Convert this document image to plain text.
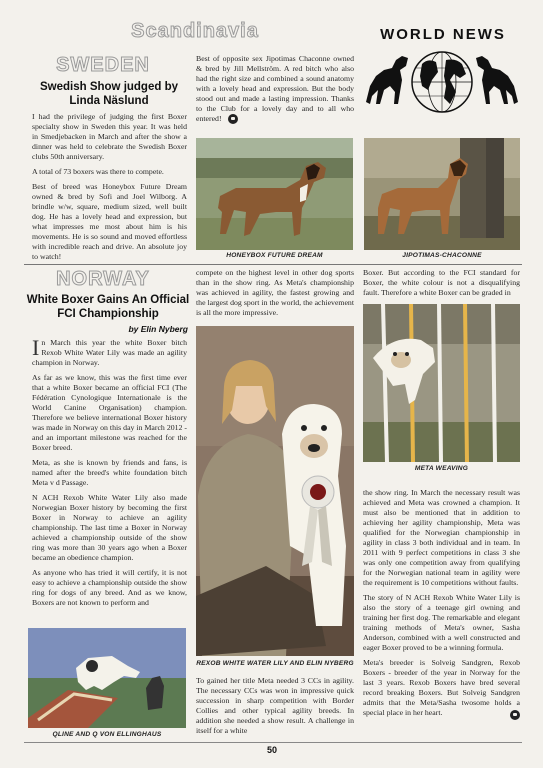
Scandinavia	WORLD NEWS
SWEDEN
Swedish Show judged by Linda Näslund

I had the privilege of judging the first Boxer specialty show in Sweden this year. It was held in Smedjebacken in March and after the show a dinner was held to celebrate the Swedish Boxer clubs 50th anniversary.

A total of 73 boxers was there to compete.

Best of breed was Honeybox Future Dream owned & bred by Sofi and Joel Wilborg. A brindle w/w, square, medium sized, well built dog. He has a lovely head and expression, but what impresses me most about him is his movements. He is so sound and moved effortless with incredible reach and drive. An absolute joy to watch!

Best of opposite sex Jipotimas Chaconne owned & bred by Jill Mellström. A red bitch who also had the right size and combined a sound anatomy with a lovely head and expression. But the body stood out and made a lasting impression. Thanks to the Club for a lovely day and to all who entered!
HONEYBOX FUTURE DREAM	JIPOTIMAS-CHACONNE
NORWAY
White Boxer Gains An Official FCI Championship
by Elin Nyberg

In March this year the white Boxer bitch Rexob White Water Lily was made an agility champion in Norway.

As far as we know, this was the first time ever that a white Boxer became an official FCI (The Fédération Cynologique Internationale is the World Canine Organisation) champion. Therefore we believe international Boxer history was made in Norway on this day in March 2012 - and an important milestone was reached for the Boxer breed.

Meta, as she is known by friends and fans, is named after the breed's white foundation bitch Meta v d Passage.

N ACH Rexob White Water Lily also made Norwegian Boxer history by becoming the first Boxer in Norway to achieve an agility championship. The last time a Boxer in Norway achieved a championship outside of the show ring was more than 30 years ago when a Boxer became an obedience champion.

As anyone who has tried it will certify, it is not easy to achieve a championship outside the show ring for dogs of any breed. And as we know, Boxers are not known to perform and

QLINE AND Q VON ELLINGHAUS
compete on the highest level in other dog sports than in the show ring. As Meta's championship was achieved in agility, the fastest growing and the largest dog sport in the world, the achievement is all the more impressive.
REXOB WHITE WATER LILY AND ELIN NYBERG
To gained her title Meta needed 3 CCs in agility. The necessary CCs was won in impressive quick succession in sharp competition with Border Collies and other typical agility breeds. In addition she needed a show result. A challenge in itself for a white
Boxer. But according to the FCI standard for Boxer, the white colour is not a disqualifying fault. Therefore a white Boxer can be graded in
META WEAVING

the show ring. In March the necessary result was achieved and Meta was crowned a champion. It must also be mentioned that in addition to achieving her agility championship, Meta was qualified for the Norwegian championship in agility in class 3 both individual and in team. In 2011 with 9 perfect competitions in class 3 she was only one competition away from qualifying for the Norwegian national team in agility were the requirement is 10 competitions without faults.

The story of N ACH Rexob White Water Lily is also the story of a teenage girl owning and training her first dog. The remarkable and elegant training methods of Meta's owner, Sasha Anderson, combined with a well constructed and eager Boxer proved to be a winning formula.

Meta's breeder is Solveig Sandgren, Rexob Boxers - breeder of the year in Norway for the last 3 years. Rexob Boxers have bred several record breaking Boxers. But Solveig Sandgren admits that the Meta/Sasha twosome holds a special place in her heart.

50
